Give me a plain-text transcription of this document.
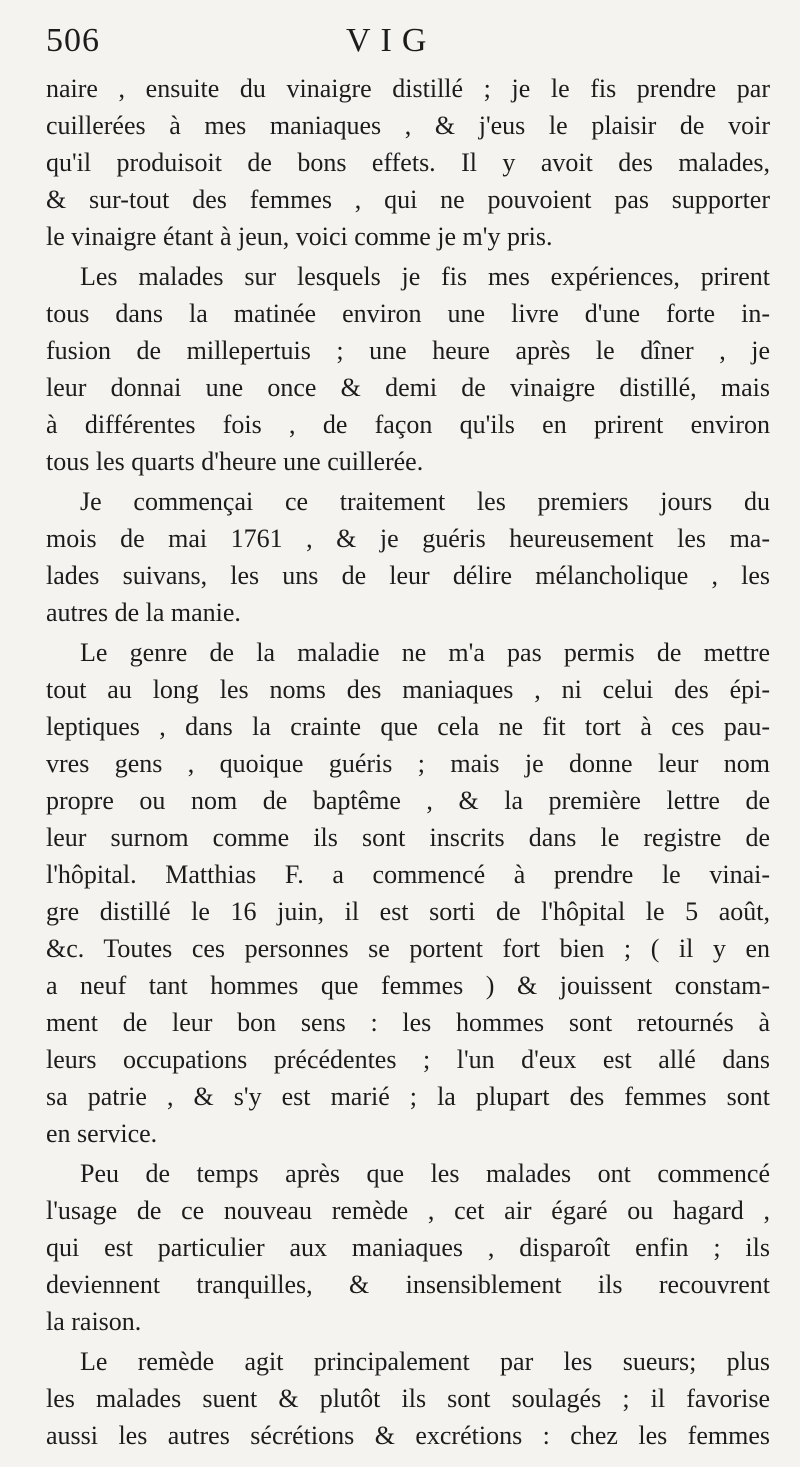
506	VIG
naire , ensuite du vinaigre distillé ; je le fis prendre par
cuillerées à mes maniaques , & j'eus le plaisir de voir
qu'il produisoit de bons effets. Il y avoit des malades,
& sur-tout des femmes , qui ne pouvoient pas supporter
le vinaigre étant à jeun, voici comme je m'y pris.
Les malades sur lesquels je fis mes expériences, prirent
tous dans la matinée environ une livre d'une forte in-
fusion de millepertuis ; une heure après le dîner , je
leur donnai une once & demi de vinaigre distillé, mais
à différentes fois , de façon qu'ils en prirent environ
tous les quarts d'heure une cuillerée.
Je commençai ce traitement les premiers jours du
mois de mai 1761 , & je guéris heureusement les ma-
lades suivans, les uns de leur délire mélancholique , les
autres de la manie.
Le genre de la maladie ne m'a pas permis de mettre
tout au long les noms des maniaques , ni celui des épi-
leptiques , dans la crainte que cela ne fit tort à ces pau-
vres gens , quoique guéris ; mais je donne leur nom
propre ou nom de baptême , & la première lettre de
leur surnom comme ils sont inscrits dans le registre de
l'hôpital. Matthias F. a commencé à prendre le vinai-
gre distillé le 16 juin, il est sorti de l'hôpital le 5 août,
&c. Toutes ces personnes se portent fort bien ; ( il y en
a neuf tant hommes que femmes ) & jouissent constam-
ment de leur bon sens : les hommes sont retournés à
leurs occupations précédentes ; l'un d'eux est allé dans
sa patrie , & s'y est marié ; la plupart des femmes sont
en service.
Peu de temps après que les malades ont commencé
l'usage de ce nouveau remède , cet air égaré ou hagard ,
qui est particulier aux maniaques , disparoît enfin ; ils
deviennent tranquilles, & insensiblement ils recouvrent
la raison.
Le remède agit principalement par les sueurs; plus
les malades suent & plutôt ils sont soulagés ; il favorise
aussi les autres sécrétions & excrétions : chez les femmes
